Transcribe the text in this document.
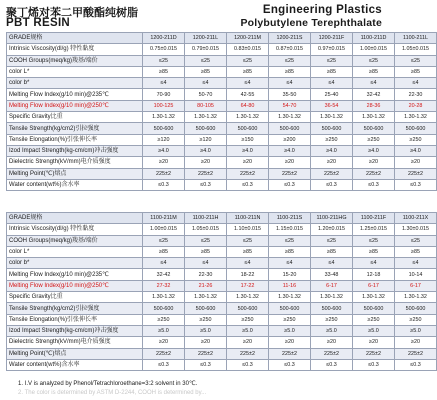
聚丁烯对苯二甲酸酯纯树脂
PBT RESIN
Engineering Plastics
Polybutylene Terephthalate
GRADE规格	1200-211D	1200-211L	1200-211M	1200-211S	1200-211F	1100-211D	1100-211L
Intrinsic Viscosity(dl/g) 特性黏度	0.75±0.015	0.79±0.015	0.83±0.015	0.87±0.015	0.97±0.015	1.00±0.015	1.05±0.015
COOH Groups(meq/kg)羧基/端价	≤25	≤25	≤25	≤25	≤25	≤25	≤25
color L*	≥85	≥85	≥85	≥85	≥85	≥85	≥85
color b*	≤4	≤4	≤4	≤4	≤4	≤4	≤4
Melting Flow Index(g/10 min)@235℃	70-90	50-70	42-55	35-50	25-40	32-42	22-30
Melting Flow Index(g/10 min)@250℃	100-125	80-105	64-80	54-70	36-54	28-36	20-28
Specific Gravity比重	1.30-1.32	1.30-1.32	1.30-1.32	1.30-1.32	1.30-1.32	1.30-1.32	1.30-1.32
Tensile Strength(kg/cm2)引拉强度	500-600	500-600	500-600	500-600	500-600	500-600	500-600
Tensile Elongation(%)引张伸长率	≥120	≥120	≥150	≥200	≥250	≥250	≥250
Izod Impact Strength(kg-cm/cm)冲击强度	≥4.0	≥4.0	≥4.0	≥4.0	≥4.0	≥4.0	≥4.0
Dielectric Strength(kV/mm)电介质强度	≥20	≥20	≥20	≥20	≥20	≥20	≥20
Melting Point(℃)熔点	225±2	225±2	225±2	225±2	225±2	225±2	225±2
Water content(wt%)含水率	≤0.3	≤0.3	≤0.3	≤0.3	≤0.3	≤0.3	≤0.3
GRADE规格	1100-211M	1100-211H	1100-211N	1100-211S	1100-211HG	1100-211F	1100-211X
Intrinsic Viscosity(dl/g) 特性黏度	1.00±0.015	1.05±0.015	1.10±0.015	1.15±0.015	1.20±0.015	1.25±0.015	1.30±0.015
COOH Groups(meq/kg)羧基/端价	≤25	≤25	≤25	≤25	≤25	≤25	≤25
color L*	≥85	≥85	≥85	≥85	≥85	≥85	≥85
color b*	≤4	≤4	≤4	≤4	≤4	≤4	≤4
Melting Flow Index(g/10 min)@235℃	32-42	22-30	18-22	15-20	33-48	12-18	10-14
Melting Flow Index(g/10 min)@250℃	27-32	21-26	17-22	11-16	6-17	6-17	6-17
Specific Gravity比重	1.30-1.32	1.30-1.32	1.30-1.32	1.30-1.32	1.30-1.32	1.30-1.32	1.30-1.32
Tensile Strength(kg/cm2)引拉强度	500-600	500-600	500-600	500-600	500-600	500-600	500-600
Tensile Elongation(%)引张伸长率	≥250	≥250	≥250	≥250	≥250	≥250	≥250
Izod Impact Strength(kg-cm/cm)冲击强度	≥5.0	≥5.0	≥5.0	≥5.0	≥5.0	≥5.0	≥5.0
Dielectric Strength(kV/mm)电介质强度	≥20	≥20	≥20	≥20	≥20	≥20	≥20
Melting Point(℃)熔点	225±2	225±2	225±2	225±2	225±2	225±2	225±2
Water content(wt%)含水率	≤0.3	≤0.3	≤0.3	≤0.3	≤0.3	≤0.3	≤0.3
1. I.V is analyzed by Phenol/Tetrachloroethane=3:2 solvent in 30℃.
2. The color is determined by ASTM D-2244, COOH is determined by...
